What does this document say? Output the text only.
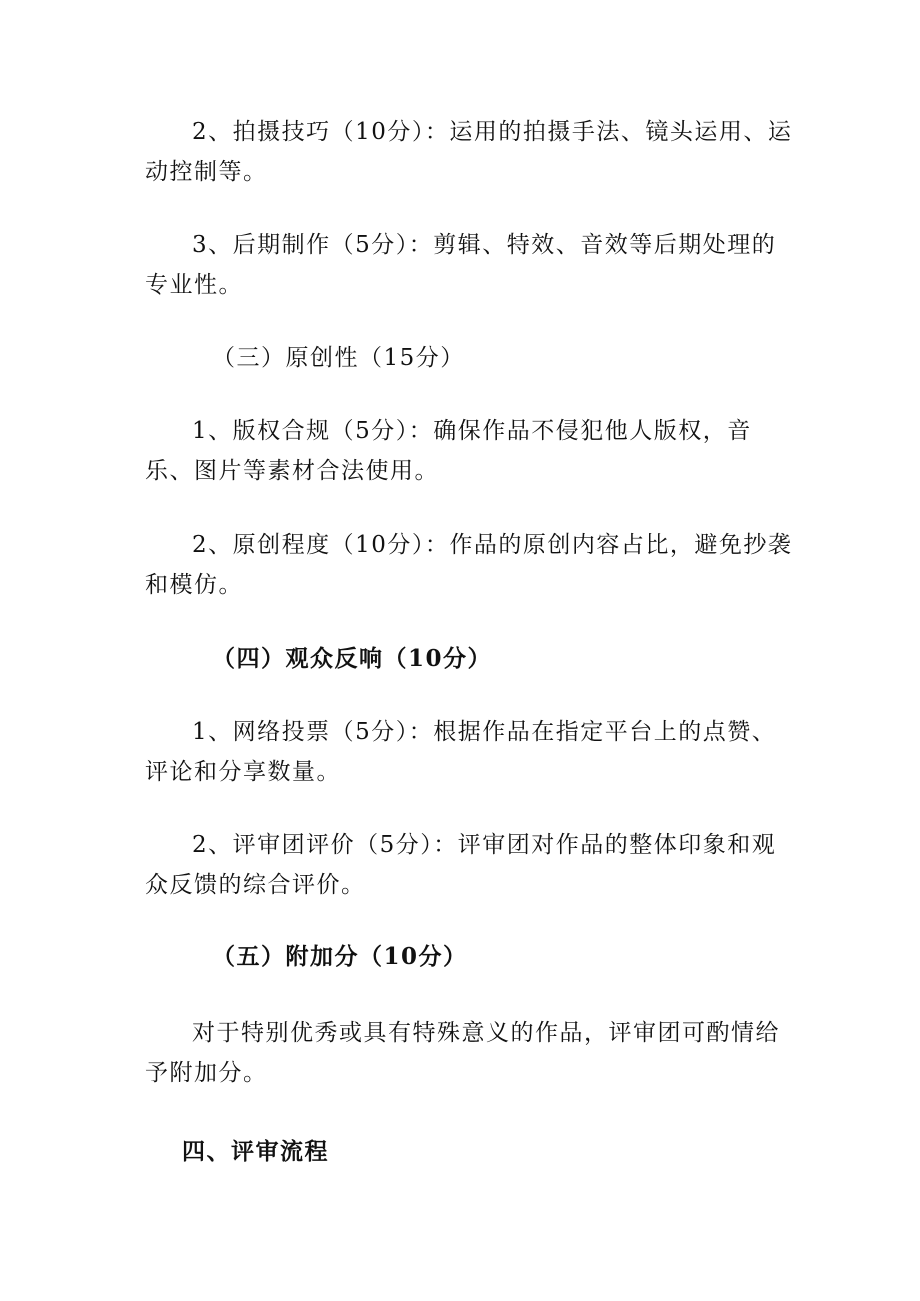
2、拍摄技巧（10分）：运用的拍摄手法、镜头运用、运动控制等。

3、后期制作（5分）：剪辑、特效、音效等后期处理的专业性。

（三）原创性（15分）

1、版权合规（5分）：确保作品不侵犯他人版权，音乐、图片等素材合法使用。

2、原创程度（10分）：作品的原创内容占比，避免抄袭和模仿。

（四）观众反响（10分）

1、网络投票（5分）：根据作品在指定平台上的点赞、评论和分享数量。

2、评审团评价（5分）：评审团对作品的整体印象和观众反馈的综合评价。

（五）附加分（10分）

对于特别优秀或具有特殊意义的作品，评审团可酌情给予附加分。

四、评审流程
